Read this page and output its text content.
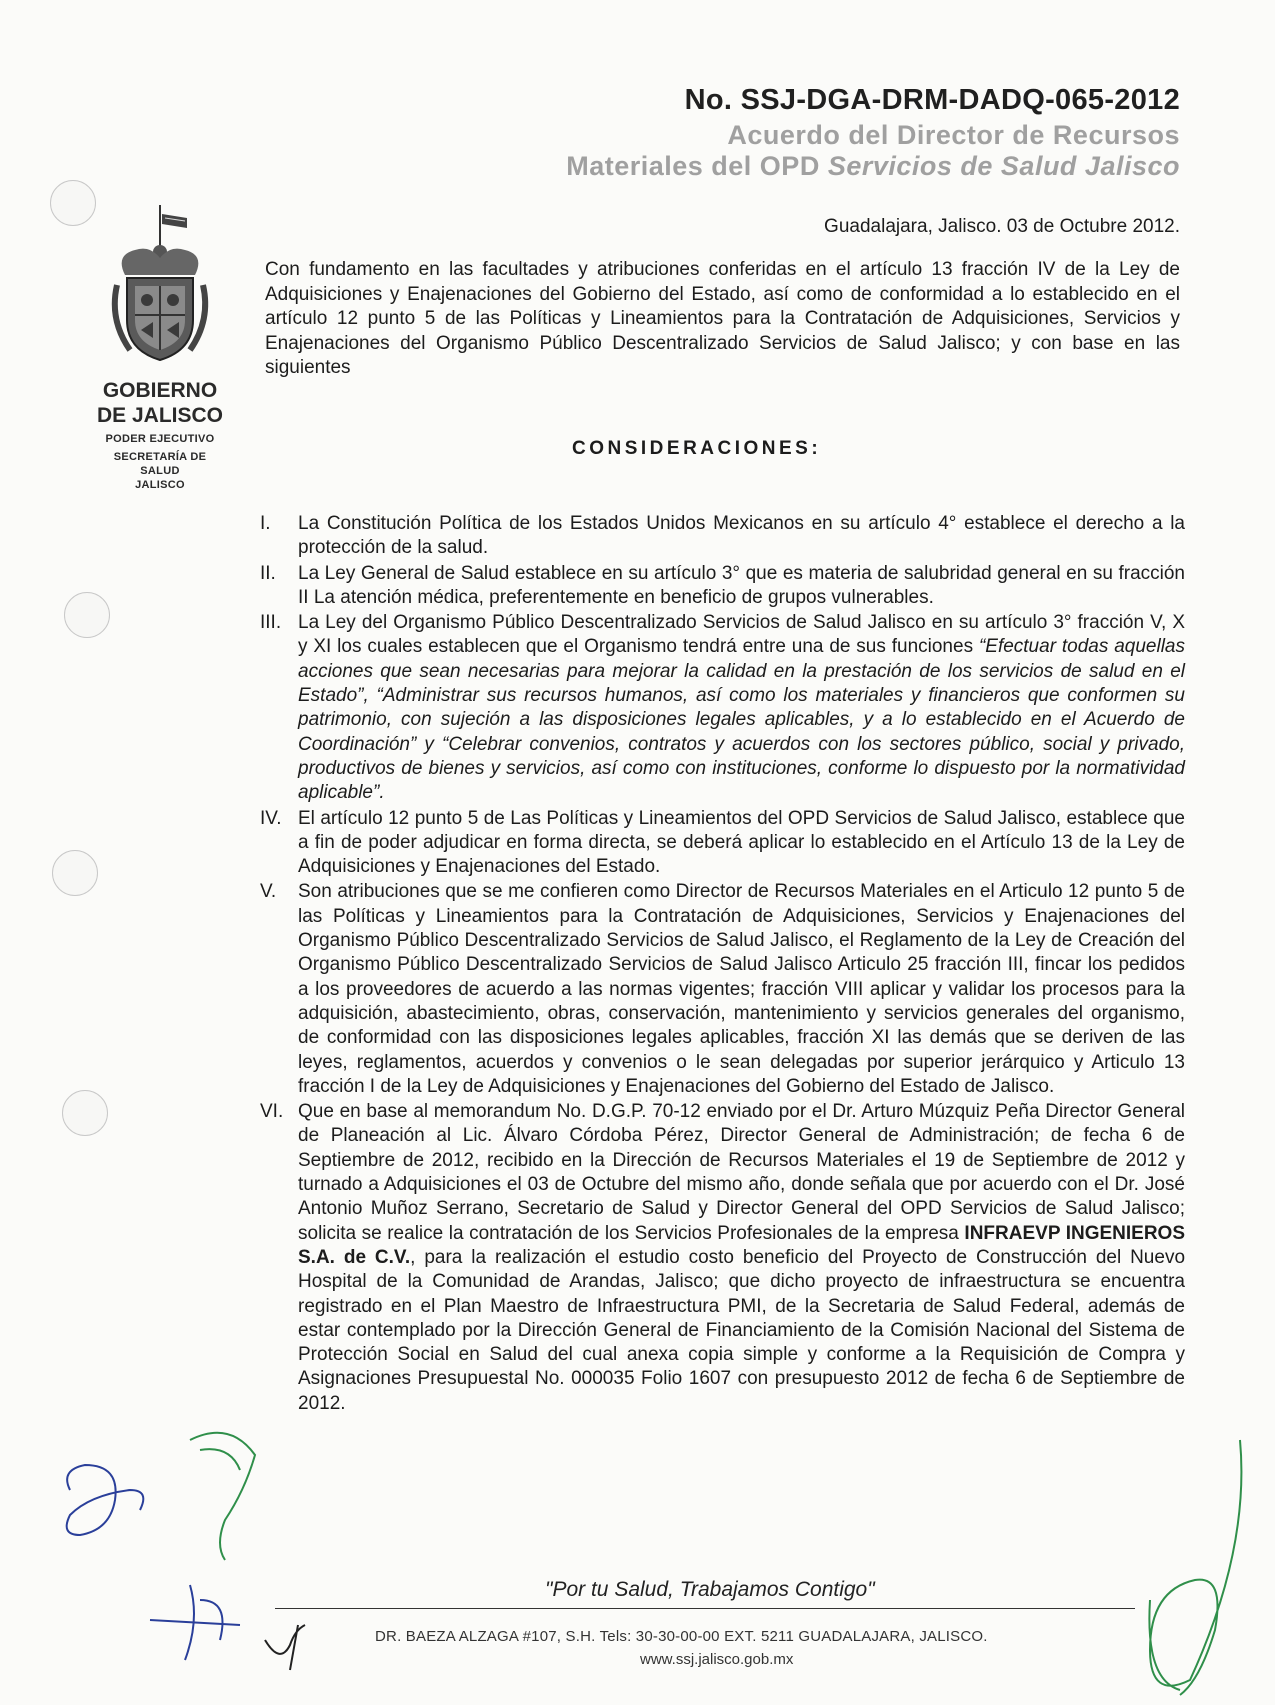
No. SSJ-DGA-DRM-DADQ-065-2012
Acuerdo del Director de Recursos
Materiales del OPD Servicios de Salud Jalisco
Guadalajara, Jalisco. 03 de Octubre 2012.
GOBIERNO
DE JALISCO
PODER EJECUTIVO
SECRETARÍA DE
SALUD
JALISCO
Con fundamento en las facultades y atribuciones conferidas en el artículo 13 fracción IV de la Ley de Adquisiciones y Enajenaciones del Gobierno del Estado, así como de conformidad a lo establecido en el artículo 12 punto 5 de las Políticas y Lineamientos para la Contratación de Adquisiciones, Servicios y Enajenaciones del Organismo Público Descentralizado Servicios de Salud Jalisco; y con base en las siguientes
CONSIDERACIONES:
I.	La Constitución Política de los Estados Unidos Mexicanos en su artículo 4° establece el derecho a la protección de la salud.
II.	La Ley General de Salud establece en su artículo 3° que es materia de salubridad general en su fracción II La atención médica, preferentemente en beneficio de grupos vulnerables.
III. La Ley del Organismo Público Descentralizado Servicios de Salud Jalisco en su artículo 3° fracción V, X y XI los cuales establecen que el Organismo tendrá entre una de sus funciones “Efectuar todas aquellas acciones que sean necesarias para mejorar la calidad en la prestación de los servicios de salud en el Estado”, “Administrar sus recursos humanos, así como los materiales y financieros que conformen su patrimonio, con sujeción a las disposiciones legales aplicables, y a lo establecido en el Acuerdo de Coordinación” y “Celebrar convenios, contratos y acuerdos con los sectores público, social y privado, productivos de bienes y servicios, así como con instituciones, conforme lo dispuesto por la normatividad aplicable”.
IV. El artículo 12 punto 5 de Las Políticas y Lineamientos del OPD Servicios de Salud Jalisco, establece que a fin de poder adjudicar en forma directa, se deberá aplicar lo establecido en el Artículo 13 de la Ley de Adquisiciones y Enajenaciones del Estado.
V.	Son atribuciones que se me confieren como Director de Recursos Materiales en el Articulo 12 punto 5 de las Políticas y Lineamientos para la Contratación de Adquisiciones, Servicios y Enajenaciones del Organismo Público Descentralizado Servicios de Salud Jalisco, el Reglamento de la Ley de Creación del Organismo Público Descentralizado Servicios de Salud Jalisco Articulo 25 fracción III, fincar los pedidos a los proveedores de acuerdo a las normas vigentes; fracción VIII aplicar y validar los procesos para la adquisición, abastecimiento, obras, conservación, mantenimiento y servicios generales del organismo, de conformidad con las disposiciones legales aplicables, fracción XI las demás que se deriven de las leyes, reglamentos, acuerdos y convenios o le sean delegadas por superior jerárquico y Articulo 13 fracción I de la Ley de Adquisiciones y Enajenaciones del Gobierno del Estado de Jalisco.
VI. Que en base al memorandum No. D.G.P. 70-12 enviado por el Dr. Arturo Múzquiz Peña Director General de Planeación al Lic. Álvaro Córdoba Pérez, Director General de Administración; de fecha 6 de Septiembre de 2012, recibido en la Dirección de Recursos Materiales el 19 de Septiembre de 2012 y turnado a Adquisiciones el 03 de Octubre del mismo año, donde señala que por acuerdo con el Dr. José Antonio Muñoz Serrano, Secretario de Salud y Director General del OPD Servicios de Salud Jalisco; solicita se realice la contratación de los Servicios Profesionales de la empresa INFRAEVP INGENIEROS S.A. de C.V., para la realización el estudio costo beneficio del Proyecto de Construcción del Nuevo Hospital de la Comunidad de Arandas, Jalisco; que dicho proyecto de infraestructura se encuentra registrado en el Plan Maestro de Infraestructura PMI, de la Secretaria de Salud Federal, además de estar contemplado por la Dirección General de Financiamiento de la Comisión Nacional del Sistema de Protección Social en Salud del cual anexa copia simple y conforme a la Requisición de Compra y Asignaciones Presupuestal No. 000035 Folio 1607 con presupuesto 2012 de fecha 6 de Septiembre de 2012.
"Por tu Salud, Trabajamos Contigo"
DR. BAEZA ALZAGA #107, S.H. Tels: 30-30-00-00 EXT. 5211 GUADALAJARA, JALISCO.
www.ssj.jalisco.gob.mx
